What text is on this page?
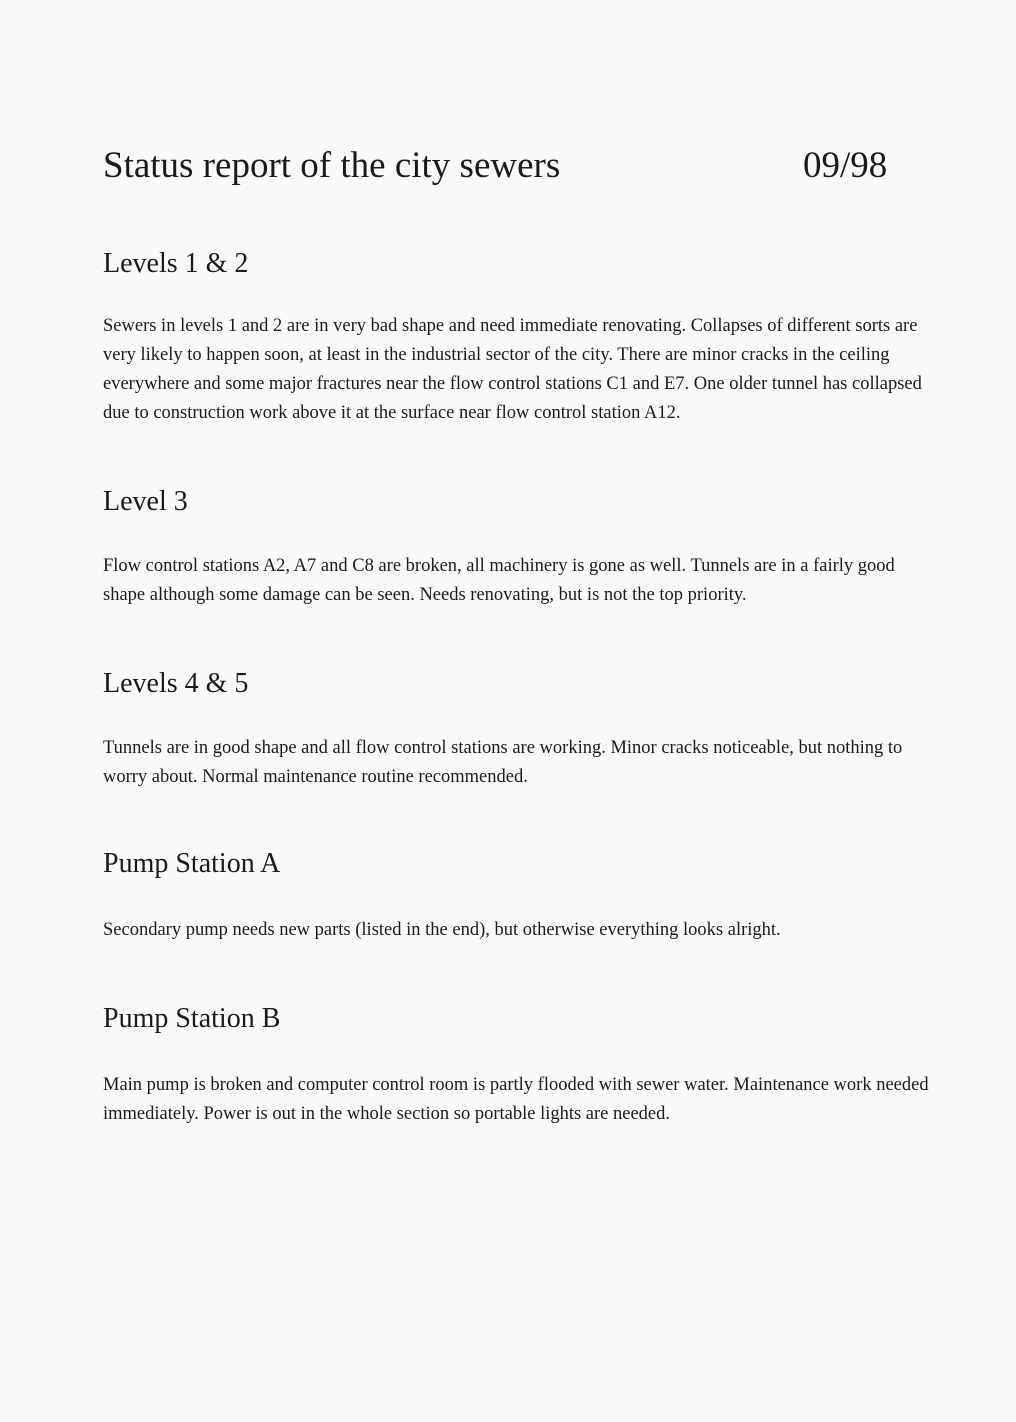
Status report of the city sewers	09/98
Levels 1 & 2

Sewers in levels 1 and 2 are in very bad shape and need immediate renovating. Collapses of different sorts are very likely to happen soon, at least in the industrial sector of the city. There are minor cracks in the ceiling everywhere and some major fractures near the flow control stations C1 and E7. One older tunnel has collapsed due to construction work above it at the surface near flow control station A12.

Level 3

Flow control stations A2, A7 and C8 are broken, all machinery is gone as well. Tunnels are in a fairly good shape although some damage can be seen. Needs renovating, but is not the top priority.

Levels 4 & 5

Tunnels are in good shape and all flow control stations are working. Minor cracks noticeable, but nothing to worry about. Normal maintenance routine recommended.

Pump Station A

Secondary pump needs new parts (listed in the end), but otherwise everything looks alright.

Pump Station B

Main pump is broken and computer control room is partly flooded with sewer water. Maintenance work needed immediately. Power is out in the whole section so portable lights are needed.
